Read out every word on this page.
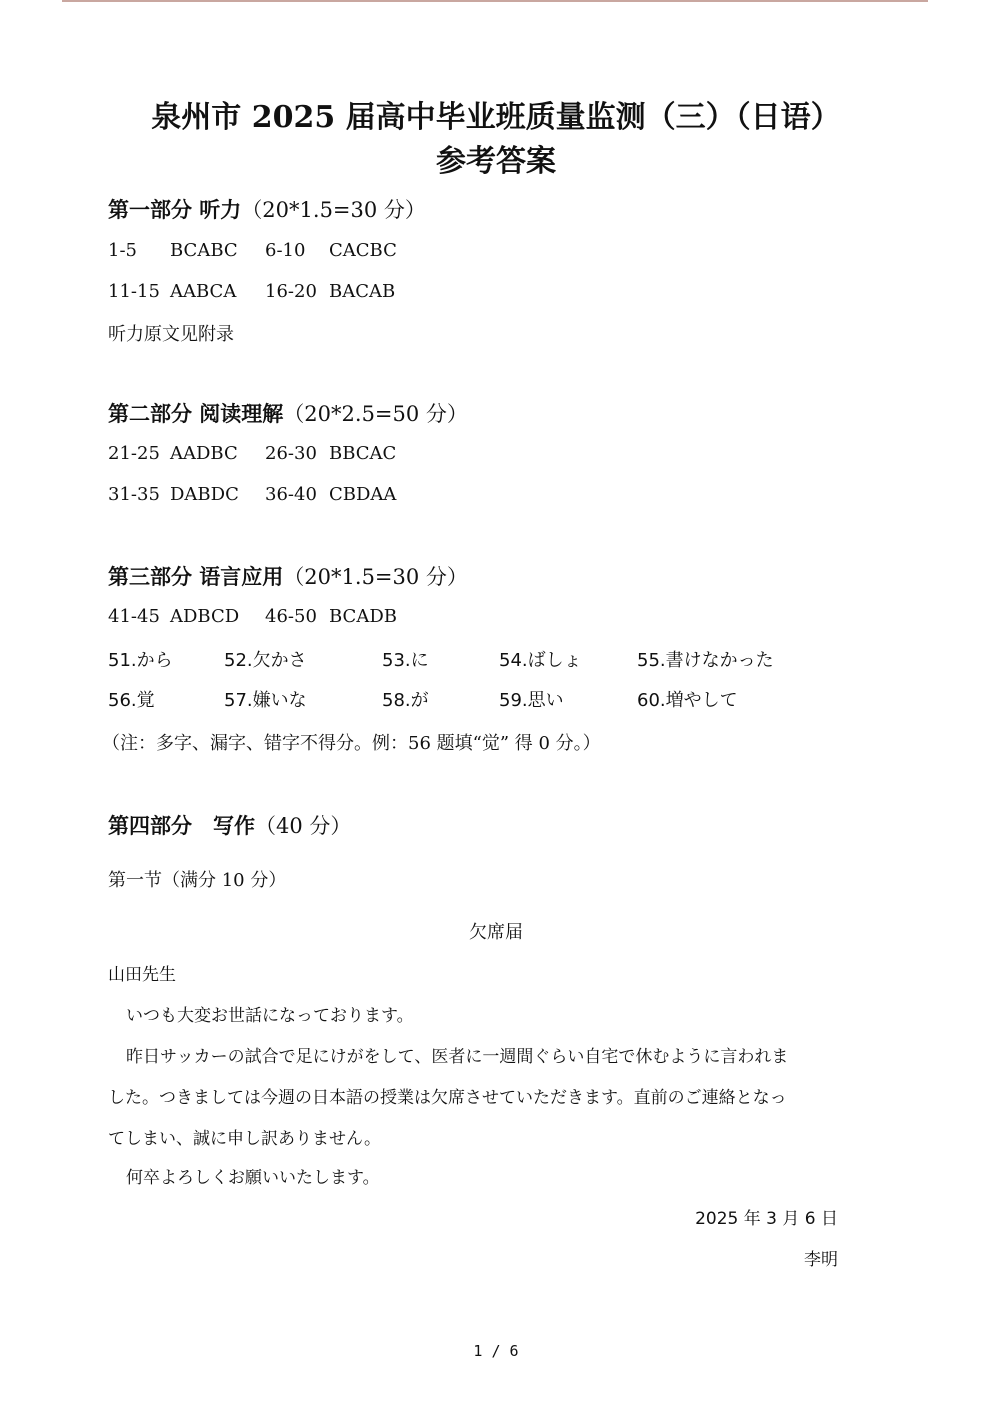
泉州市 2025 届高中毕业班质量监测（三）（日语）
参考答案
第一部分 听力（20*1.5=30 分）
1-5 BCABC 6-10 CACBC
11-15 AABCA 16-20 BACAB
听力原文见附录
第二部分 阅读理解（20*2.5=50 分）
21-25 AADBC 26-30 BBCAC
31-35 DABDC 36-40 CBDAA
第三部分 语言应用（20*1.5=30 分）
41-45 ADBCD 46-50 BCADB
51.から	52.欠かさ	53.に	54.ばしょ	55.書けなかった
56.覚	57.嫌いな	58.が	59.思い	60.増やして
（注：多字、漏字、错字不得分。例：56 题填“觉” 得 0 分。）
第四部分　写作（40 分）
第一节（满分 10 分）
欠席届
山田先生
いつも大変お世話になっております。
昨日サッカーの試合で足にけがをして、医者に一週間ぐらい自宅で休むように言われま
した。つきましては今週の日本語の授業は欠席させていただきます。直前のご連絡となっ
てしまい、誠に申し訳ありません。
何卒よろしくお願いいたします。
2025 年 3 月 6 日
李明
1 / 6
